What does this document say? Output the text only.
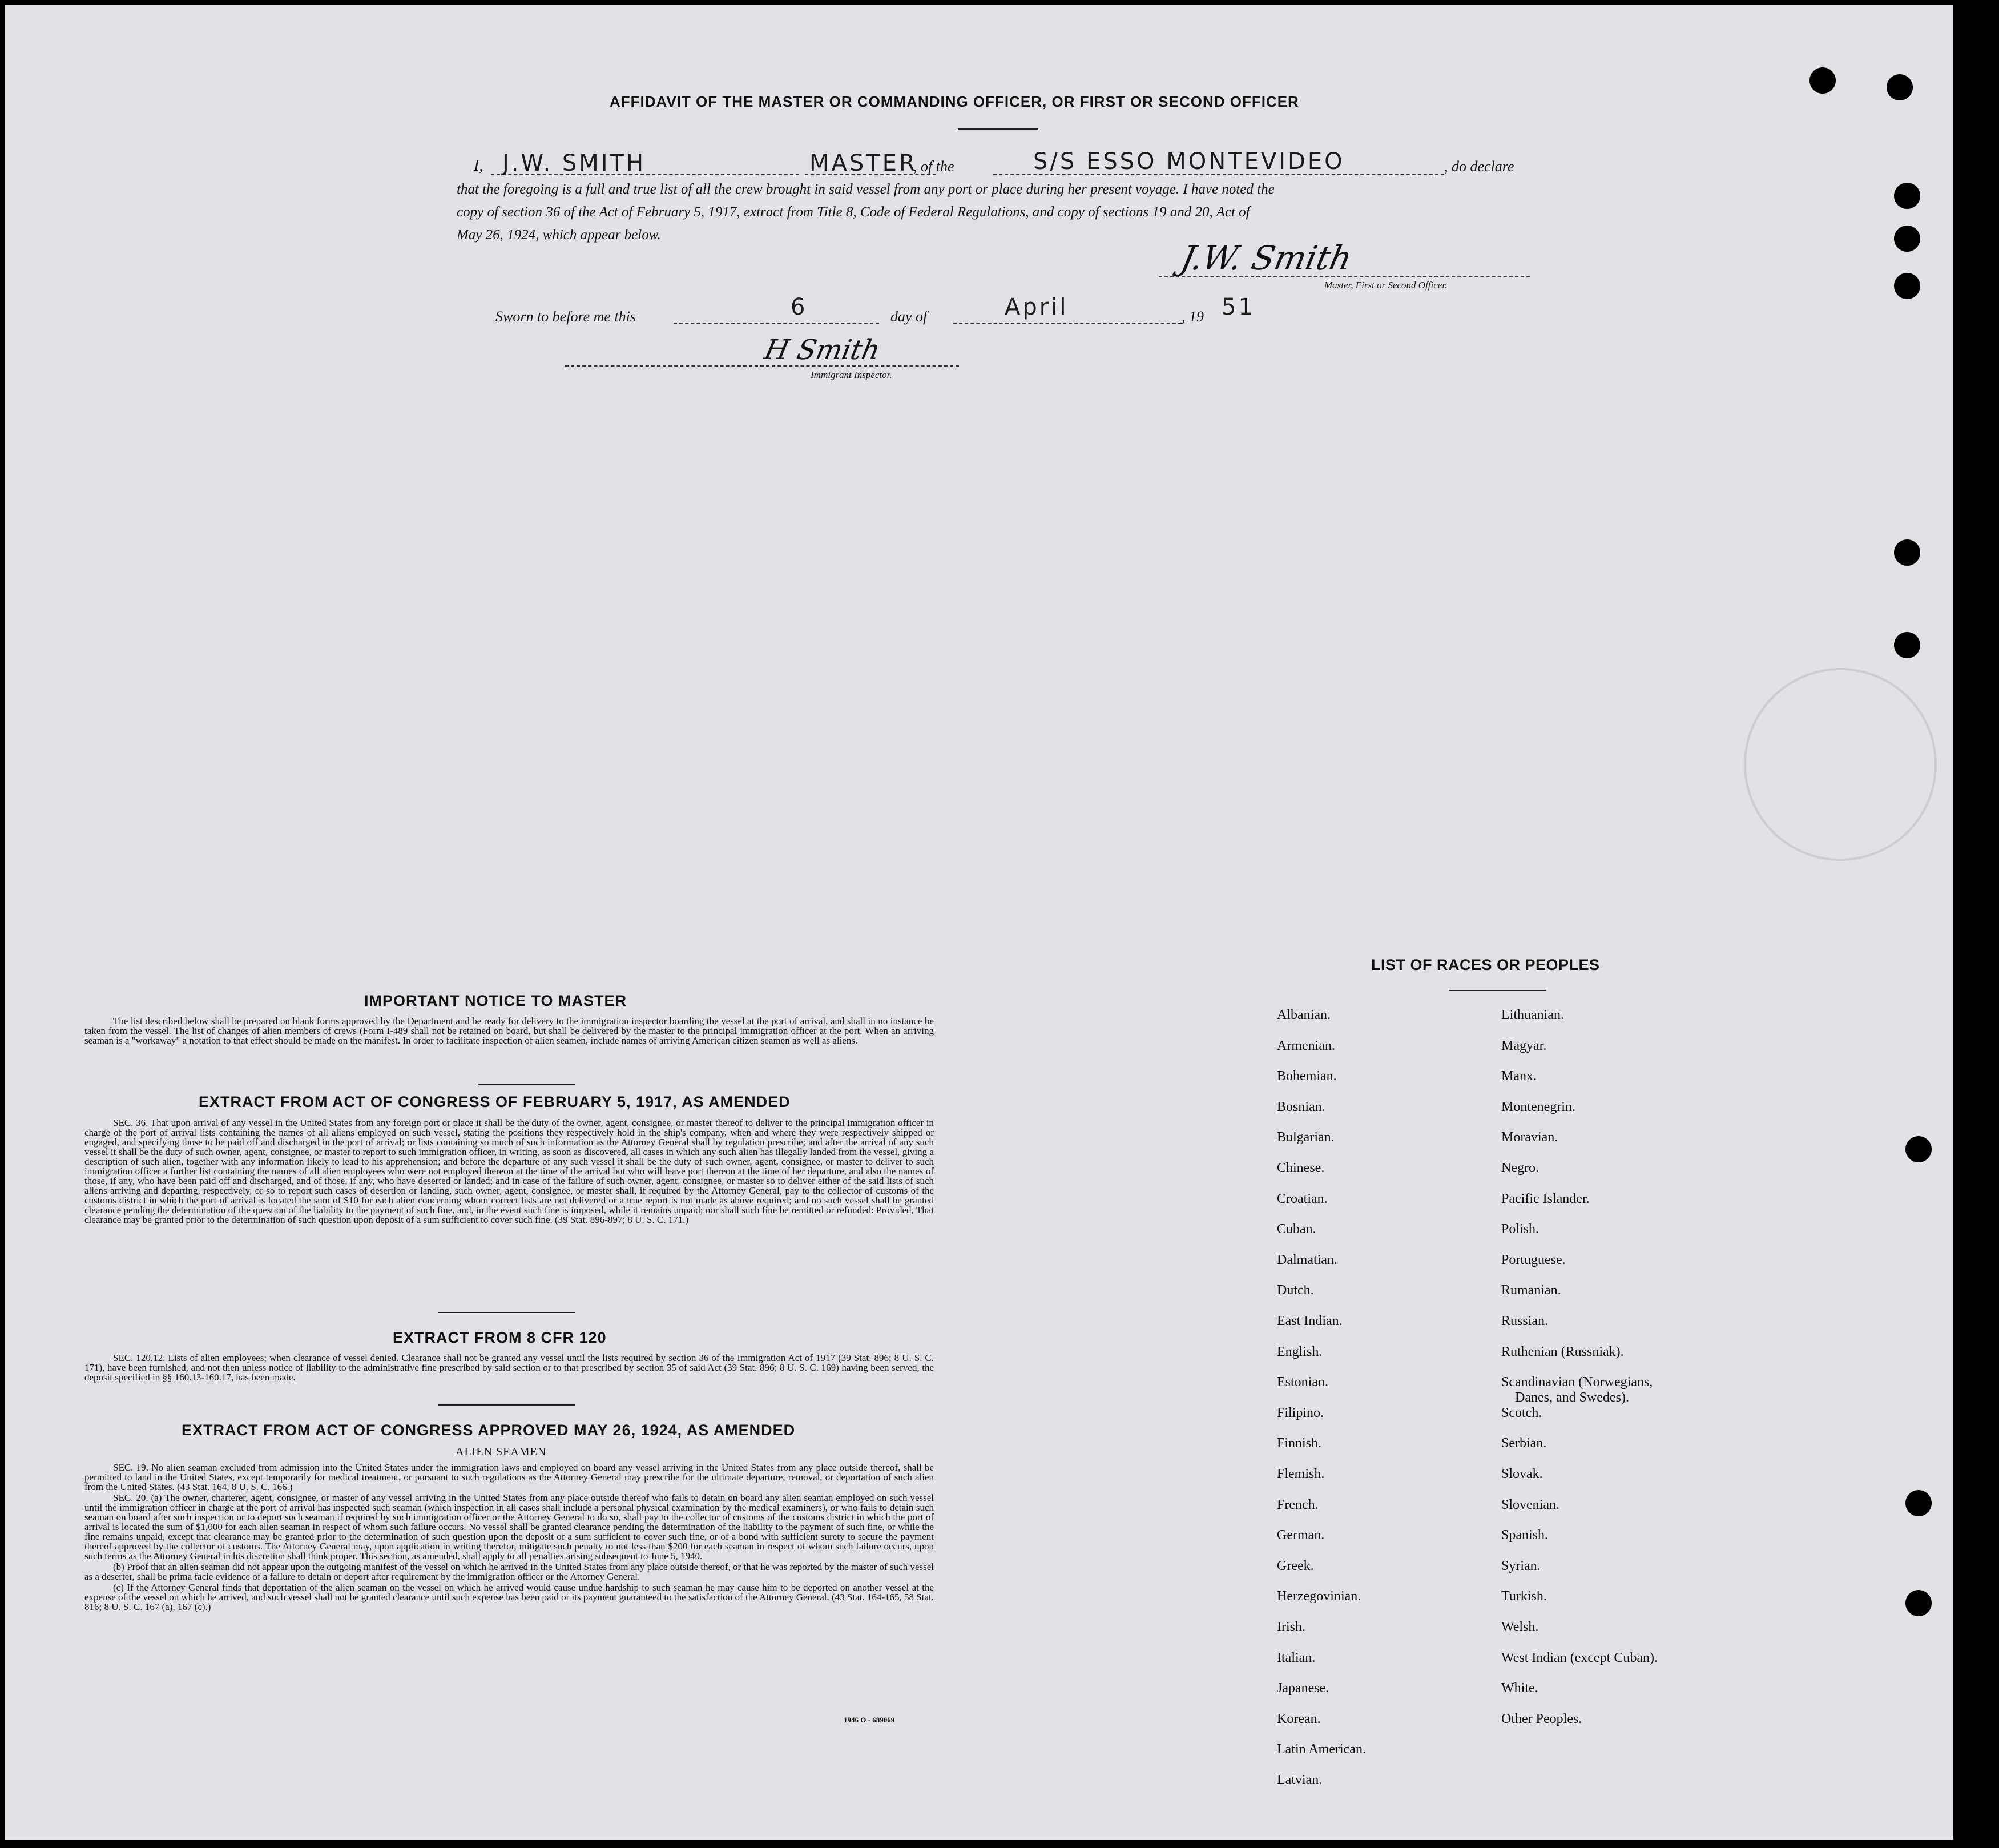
AFFIDAVIT OF THE MASTER OR COMMANDING OFFICER, OR FIRST OR SECOND OFFICER
I, J.W. SMITH	MASTER
, of the	S/S ESSO MONTEVIDEO	, do declare
that the foregoing is a full and true list of all the crew brought in said vessel from any port or place during her present voyage. I have noted the
copy of section 36 of the Act of February 5, 1917, extract from Title 8, Code of Federal Regulations, and copy of sections 19 and 20, Act of
May 26, 1924, which appear below.
J.W. Smith
Master, First or Second Officer.
Sworn to before me this	6	day of	April	, 19 51
H Smith
Immigrant Inspector.
IMPORTANT NOTICE TO MASTER

The list described below shall be prepared on blank forms approved by the Department and be ready for delivery to the immigration inspector boarding the vessel at the port of arrival, and shall in no instance be taken from the vessel. The list of changes of alien members of crews (Form I-489 shall not be retained on board, but shall be delivered by the master to the principal immigration officer at the port. When an arriving seaman is a "workaway" a notation to that effect should be made on the manifest. In order to facilitate inspection of alien seamen, include names of arriving American citizen seamen as well as aliens.

EXTRACT FROM ACT OF CONGRESS OF FEBRUARY 5, 1917, AS AMENDED

SEC. 36. That upon arrival of any vessel in the United States from any foreign port or place it shall be the duty of the owner, agent, consignee, or master thereof to deliver to the principal immigration officer in charge of the port of arrival lists containing the names of all aliens employed on such vessel, stating the positions they respectively hold in the ship's company, when and where they were respectively shipped or engaged, and specifying those to be paid off and discharged in the port of arrival; or lists containing so much of such information as the Attorney General shall by regulation prescribe; and after the arrival of any such vessel it shall be the duty of such owner, agent, consignee, or master to report to such immigration officer, in writing, as soon as discovered, all cases in which any such alien has illegally landed from the vessel, giving a description of such alien, together with any information likely to lead to his apprehension; and before the departure of any such vessel it shall be the duty of such owner, agent, consignee, or master to deliver to such immigration officer a further list containing the names of all alien employees who were not employed thereon at the time of the arrival but who will leave port thereon at the time of her departure, and also the names of those, if any, who have been paid off and discharged, and of those, if any, who have deserted or landed; and in case of the failure of such owner, agent, consignee, or master so to deliver either of the said lists of such aliens arriving and departing, respectively, or so to report such cases of desertion or landing, such owner, agent, consignee, or master shall, if required by the Attorney General, pay to the collector of customs of the customs district in which the port of arrival is located the sum of $10 for each alien concerning whom correct lists are not delivered or a true report is not made as above required; and no such vessel shall be granted clearance pending the determination of the question of the liability to the payment of such fine, and, in the event such fine is imposed, while it remains unpaid; nor shall such fine be remitted or refunded: Provided, That clearance may be granted prior to the determination of such question upon deposit of a sum sufficient to cover such fine. (39 Stat. 896-897; 8 U. S. C. 171.)

EXTRACT FROM 8 CFR 120

SEC. 120.12. Lists of alien employees; when clearance of vessel denied. Clearance shall not be granted any vessel until the lists required by section 36 of the Immigration Act of 1917 (39 Stat. 896; 8 U. S. C. 171), have been furnished, and not then unless notice of liability to the administrative fine prescribed by said section or to that prescribed by section 35 of said Act (39 Stat. 896; 8 U. S. C. 169) having been served, the deposit specified in §§ 160.13-160.17, has been made.

EXTRACT FROM ACT OF CONGRESS APPROVED MAY 26, 1924, AS AMENDED
ALIEN SEAMEN

SEC. 19. No alien seaman excluded from admission into the United States under the immigration laws and employed on board any vessel arriving in the United States from any place outside thereof, shall be permitted to land in the United States, except temporarily for medical treatment, or pursuant to such regulations as the Attorney General may prescribe for the ultimate departure, removal, or deportation of such alien from the United States. (43 Stat. 164, 8 U. S. C. 166.)

SEC. 20. (a) The owner, charterer, agent, consignee, or master of any vessel arriving in the United States from any place outside thereof who fails to detain on board any alien seaman employed on such vessel until the immigration officer in charge at the port of arrival has inspected such seaman (which inspection in all cases shall include a personal physical examination by the medical examiners), or who fails to detain such seaman on board after such inspection or to deport such seaman if required by such immigration officer or the Attorney General to do so, shall pay to the collector of customs of the customs district in which the port of arrival is located the sum of $1,000 for each alien seaman in respect of whom such failure occurs. No vessel shall be granted clearance pending the determination of the liability to the payment of such fine, or while the fine remains unpaid, except that clearance may be granted prior to the determination of such question upon the deposit of a sum sufficient to cover such fine, or of a bond with sufficient surety to secure the payment thereof approved by the collector of customs. The Attorney General may, upon application in writing therefor, mitigate such penalty to not less than $200 for each seaman in respect of whom such failure occurs, upon such terms as the Attorney General in his discretion shall think proper. This section, as amended, shall apply to all penalties arising subsequent to June 5, 1940.

(b) Proof that an alien seaman did not appear upon the outgoing manifest of the vessel on which he arrived in the United States from any place outside thereof, or that he was reported by the master of such vessel as a deserter, shall be prima facie evidence of a failure to detain or deport after requirement by the immigration officer or the Attorney General.

(c) If the Attorney General finds that deportation of the alien seaman on the vessel on which he arrived would cause undue hardship to such seaman he may cause him to be deported on another vessel at the expense of the vessel on which he arrived, and such vessel shall not be granted clearance until such expense has been paid or its payment guaranteed to the satisfaction of the Attorney General. (43 Stat. 164-165, 58 Stat. 816; 8 U. S. C. 167 (a), 167 (c).)

1946 O - 689069
LIST OF RACES OR PEOPLES
Albanian.
Armenian.
Bohemian.
Bosnian.
Bulgarian.
Chinese.
Croatian.
Cuban.
Dalmatian.
Dutch.
East Indian.
English.
Estonian.
Filipino.
Finnish.
Flemish.
French.
German.
Greek.
Herzegovinian.
Irish.
Italian.
Japanese.
Korean.
Latin American.
Latvian.
Lithuanian.
Magyar.
Manx.
Montenegrin.
Moravian.
Negro.
Pacific Islander.
Polish.
Portuguese.
Rumanian.
Russian.
Ruthenian (Russniak).
Scandinavian (Norwegians,
Danes, and Swedes).
Scotch.
Serbian.
Slovak.
Slovenian.
Spanish.
Syrian.
Turkish.
Welsh.
West Indian (except Cuban).
White.
Other Peoples.
